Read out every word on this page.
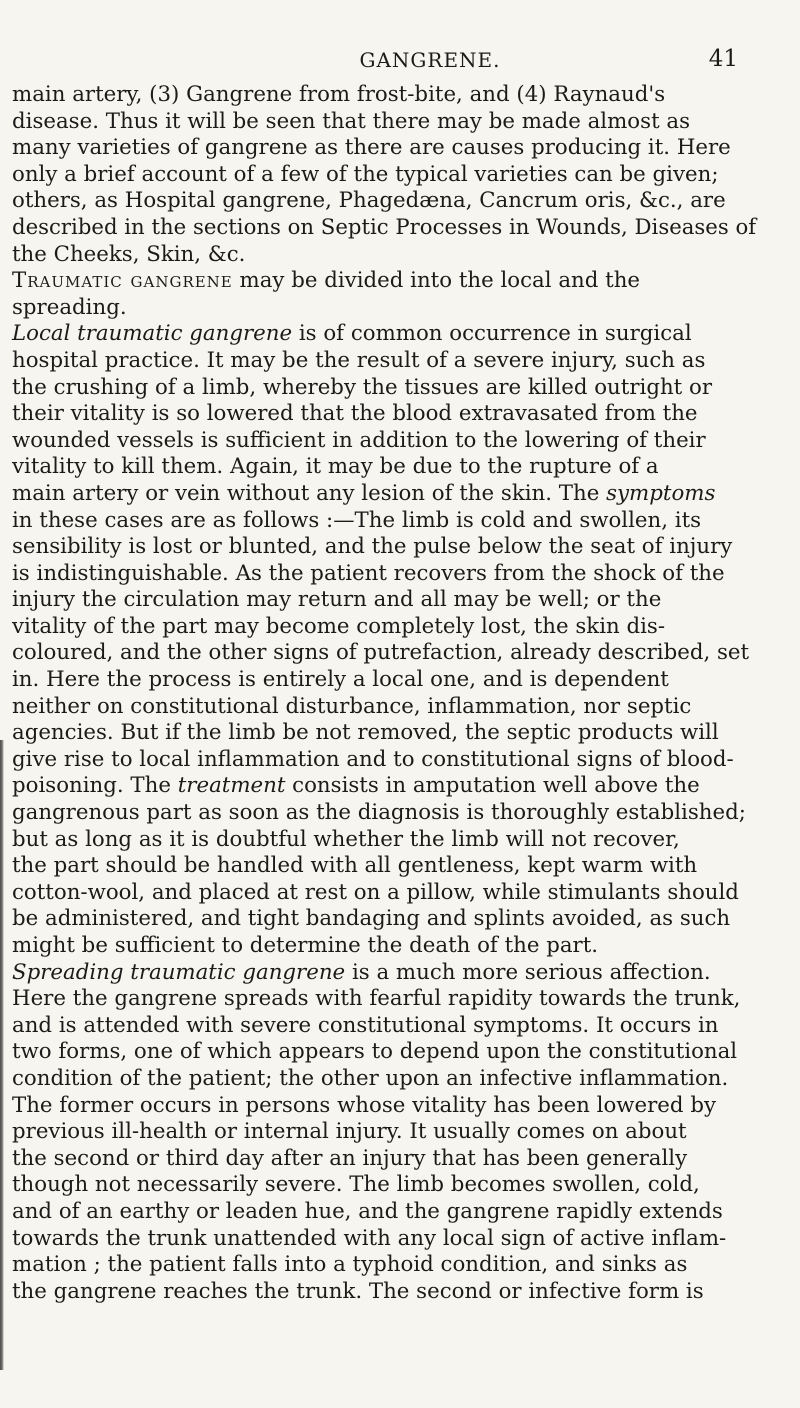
GANGRENE.	41
main artery, (3) Gangrene from frost-bite, and (4) Raynaud's
disease. Thus it will be seen that there may be made almost as
many varieties of gangrene as there are causes producing it. Here
only a brief account of a few of the typical varieties can be given;
others, as Hospital gangrene, Phagedæna, Cancrum oris, &c., are
described in the sections on Septic Processes in Wounds, Diseases of
the Cheeks, Skin, &c.
Traumatic gangrene may be divided into the local and the
spreading.
Local traumatic gangrene is of common occurrence in surgical
hospital practice. It may be the result of a severe injury, such as
the crushing of a limb, whereby the tissues are killed outright or
their vitality is so lowered that the blood extravasated from the
wounded vessels is sufficient in addition to the lowering of their
vitality to kill them. Again, it may be due to the rupture of a
main artery or vein without any lesion of the skin. The symptoms
in these cases are as follows :—The limb is cold and swollen, its
sensibility is lost or blunted, and the pulse below the seat of injury
is indistinguishable. As the patient recovers from the shock of the
injury the circulation may return and all may be well; or the
vitality of the part may become completely lost, the skin dis-
coloured, and the other signs of putrefaction, already described, set
in. Here the process is entirely a local one, and is dependent
neither on constitutional disturbance, inflammation, nor septic
agencies. But if the limb be not removed, the septic products will
give rise to local inflammation and to constitutional signs of blood-
poisoning. The treatment consists in amputation well above the
gangrenous part as soon as the diagnosis is thoroughly established;
but as long as it is doubtful whether the limb will not recover,
the part should be handled with all gentleness, kept warm with
cotton-wool, and placed at rest on a pillow, while stimulants should
be administered, and tight bandaging and splints avoided, as such
might be sufficient to determine the death of the part.
Spreading traumatic gangrene is a much more serious affection.
Here the gangrene spreads with fearful rapidity towards the trunk,
and is attended with severe constitutional symptoms. It occurs in
two forms, one of which appears to depend upon the constitutional
condition of the patient; the other upon an infective inflammation.
The former occurs in persons whose vitality has been lowered by
previous ill-health or internal injury. It usually comes on about
the second or third day after an injury that has been generally
though not necessarily severe. The limb becomes swollen, cold,
and of an earthy or leaden hue, and the gangrene rapidly extends
towards the trunk unattended with any local sign of active inflam-
mation ; the patient falls into a typhoid condition, and sinks as
the gangrene reaches the trunk. The second or infective form is
